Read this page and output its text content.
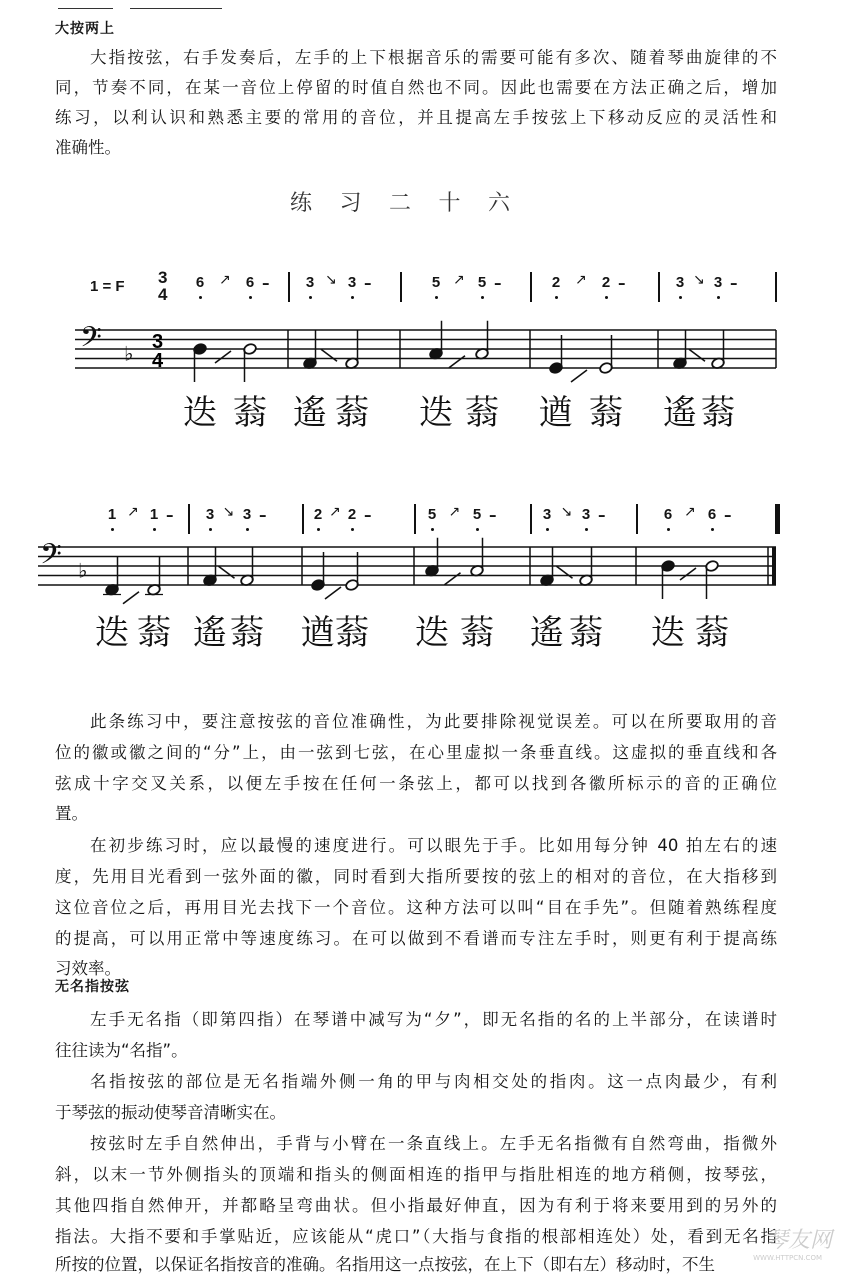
大按两上
大指按弦，右手发奏后，左手的上下根据音乐的需要可能有多次、随着琴曲旋律的不
同，节奏不同，在某一音位上停留的时值自然也不同。因此也需要在方法正确之后，增加
练习，以利认识和熟悉主要的常用的音位，并且提高左手按弦上下移动反应的灵活性和
准确性。
练习二十六
1 = F 3
4
𝄢 ♭ 3
4
6 ↗ 6 –
迭 蓊
3 ↘ 3 –
遙 蓊
5 ↗ 5 –
迭 蓊
2 ↗ 2 –
遒 蓊
3 ↘ 3 –
遙 蓊
𝄢 ♭
1 ↗ 1 –
迭 蓊
3 ↘ 3 –
遙 蓊
2 ↗ 2 –
遒 蓊
5 ↗ 5 –
迭 蓊
3 ↘ 3 –
遙 蓊
6 ↗ 6 –
迭 蓊
此条练习中，要注意按弦的音位准确性，为此要排除视觉误差。可以在所要取用的音
位的徽或徽之间的“分”上，由一弦到七弦，在心里虚拟一条垂直线。这虚拟的垂直线和各
弦成十字交叉关系，以便左手按在任何一条弦上，都可以找到各徽所标示的音的正确位
置。
在初步练习时，应以最慢的速度进行。可以眼先于手。比如用每分钟 40 拍左右的速
度，先用目光看到一弦外面的徽，同时看到大指所要按的弦上的相对的音位，在大指移到
这位音位之后，再用目光去找下一个音位。这种方法可以叫“目在手先”。但随着熟练程度
的提高，可以用正常中等速度练习。在可以做到不看谱而专注左手时，则更有利于提高练
习效率。
无名指按弦
左手无名指（即第四指）在琴谱中减写为“夕”，即无名指的名的上半部分，在读谱时
往往读为“名指”。
名指按弦的部位是无名指端外侧一角的甲与肉相交处的指肉。这一点肉最少，有利
于琴弦的振动使琴音清晰实在。
按弦时左手自然伸出，手背与小臂在一条直线上。左手无名指微有自然弯曲，指微外
斜，以末一节外侧指头的顶端和指头的侧面相连的指甲与指肚相连的地方稍侧，按琴弦，
其他四指自然伸开，并都略呈弯曲状。但小指最好伸直，因为有利于将来要用到的另外的
指法。大指不要和手掌贴近，应该能从“虎口”（大指与食指的根部相连处）处，看到无名指
所按的位置，以保证名指按音的准确。名指用这一点按弦，在上下（即右左）移动时，不生
琴友网
WWW.HTTPCN.COM
